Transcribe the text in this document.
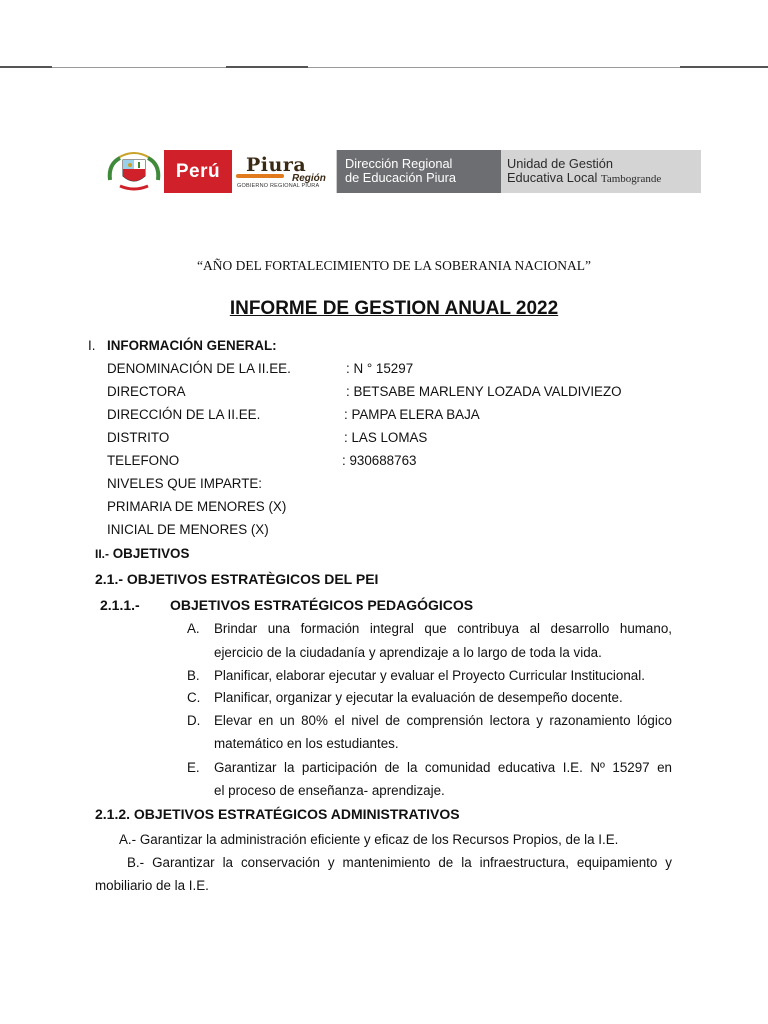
Perú Piura
Región
GOBIERNO REGIONAL PIURA
Dirección Regional
de Educación Piura
Unidad de Gestión
Educativa Local Tambogrande
“AÑO DEL FORTALECIMIENTO DE LA SOBERANIA NACIONAL”
INFORME DE GESTION ANUAL 2022
I. INFORMACIÓN GENERAL:
DENOMINACIÓN DE LA II.EE.	: N ° 15297
DIRECTORA	: BETSABE MARLENY LOZADA VALDIVIEZO
DIRECCIÓN DE LA II.EE.	: PAMPA ELERA BAJA
DISTRITO	: LAS LOMAS
TELEFONO	: 930688763
NIVELES QUE IMPARTE:
PRIMARIA DE MENORES (X)
INICIAL DE MENORES (X)
II.- OBJETIVOS
2.1.- OBJETIVOS ESTRATÈGICOS DEL PEI
2.1.1.- OBJETIVOS ESTRATÉGICOS PEDAGÓGICOS
A. Brindar una formación integral que contribuya al desarrollo humano,
ejercicio de la ciudadanía y aprendizaje a lo largo de toda la vida.
B. Planificar, elaborar ejecutar y evaluar el Proyecto Curricular Institucional.
C. Planificar, organizar y ejecutar la evaluación de desempeño docente.
D. Elevar en un 80% el nivel de comprensión lectora y razonamiento lógico
matemático en los estudiantes.
E. Garantizar la participación de la comunidad educativa I.E. Nº 15297 en
el proceso de enseñanza- aprendizaje.
2.1.2. OBJETIVOS ESTRATÉGICOS ADMINISTRATIVOS
A.- Garantizar la administración eficiente y eficaz de los Recursos Propios, de la I.E.
B.- Garantizar la conservación y mantenimiento de la infraestructura, equipamiento y
mobiliario de la I.E.
